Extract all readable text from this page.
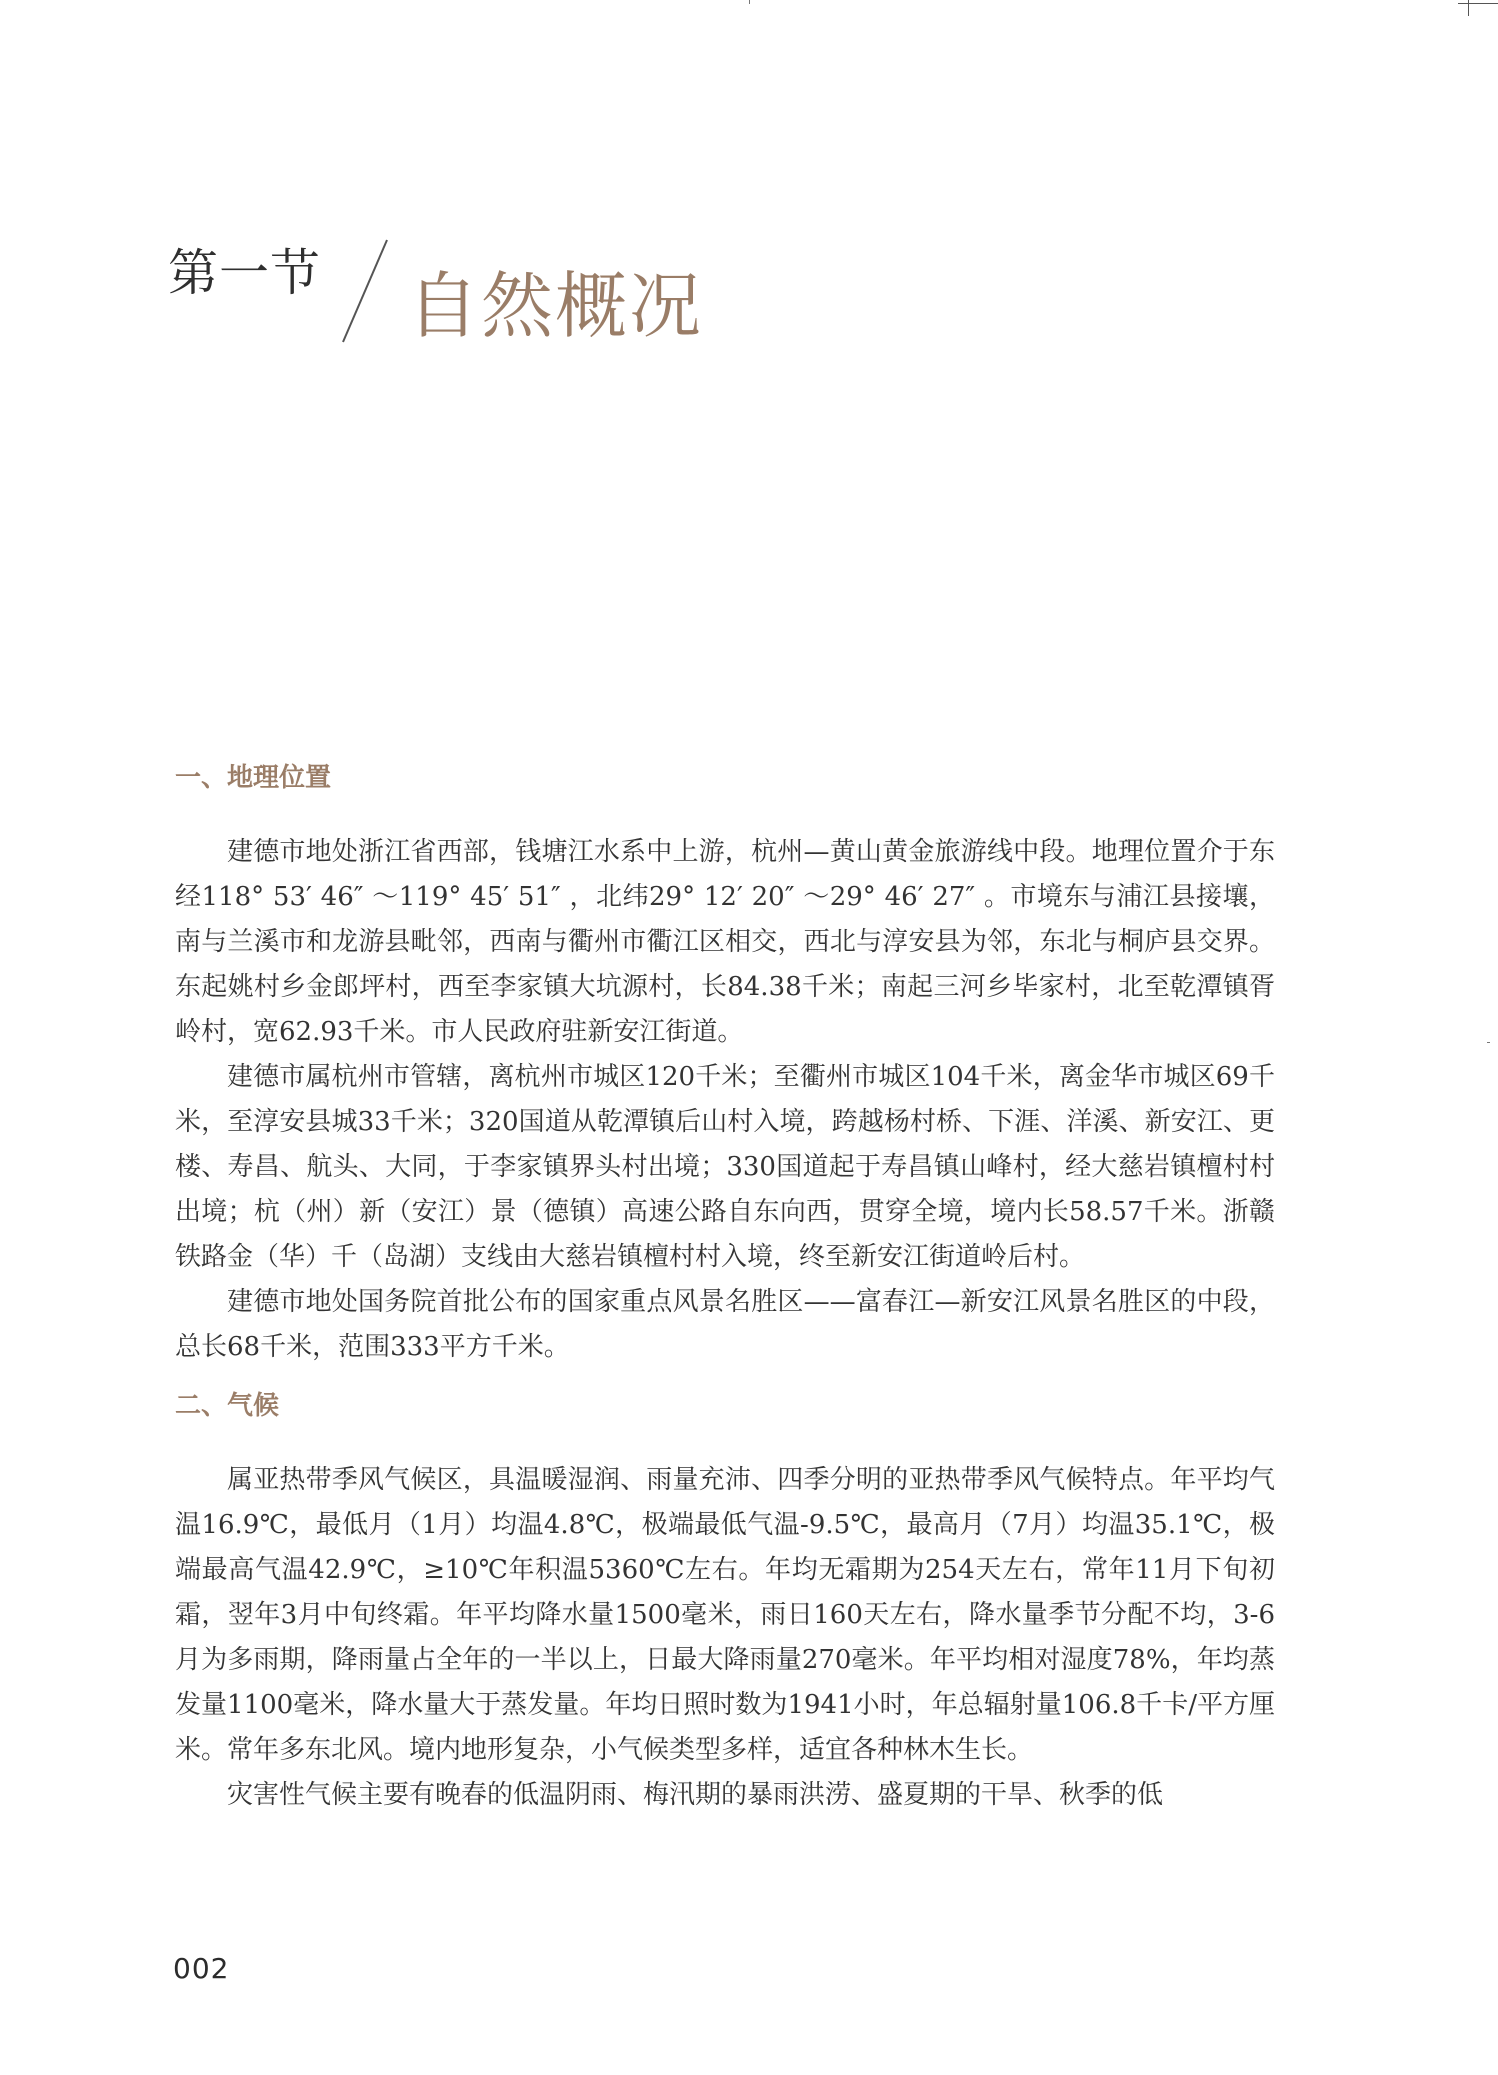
第一节 自然概况
一、地理位置

建德市地处浙江省西部，钱塘江水系中上游，杭州—黄山黄金旅游线中段。地理位置介于东经118° 53′ 46″ ～119° 45′ 51″ ，北纬29° 12′ 20″ ～29° 46′ 27″ 。市境东与浦江县接壤，南与兰溪市和龙游县毗邻，西南与衢州市衢江区相交，西北与淳安县为邻，东北与桐庐县交界。东起姚村乡金郎坪村，西至李家镇大坑源村，长84.38千米；南起三河乡毕家村，北至乾潭镇胥岭村，宽62.93千米。市人民政府驻新安江街道。

建德市属杭州市管辖，离杭州市城区120千米；至衢州市城区104千米，离金华市城区69千米，至淳安县城33千米；320国道从乾潭镇后山村入境，跨越杨村桥、下涯、洋溪、新安江、更楼、寿昌、航头、大同，于李家镇界头村出境；330国道起于寿昌镇山峰村，经大慈岩镇檀村村出境；杭（州）新（安江）景（德镇）高速公路自东向西，贯穿全境，境内长58.57千米。浙赣铁路金（华）千（岛湖）支线由大慈岩镇檀村村入境，终至新安江街道岭后村。

建德市地处国务院首批公布的国家重点风景名胜区——富春江—新安江风景名胜区的中段，总长68千米，范围333平方千米。

二、气候

属亚热带季风气候区，具温暖湿润、雨量充沛、四季分明的亚热带季风气候特点。年平均气温16.9℃，最低月（1月）均温4.8℃，极端最低气温-9.5℃，最高月（7月）均温35.1℃，极端最高气温42.9℃，≥10℃年积温5360℃左右。年均无霜期为254天左右，常年11月下旬初霜，翌年3月中旬终霜。年平均降水量1500毫米，雨日160天左右，降水量季节分配不均，3-6月为多雨期，降雨量占全年的一半以上，日最大降雨量270毫米。年平均相对湿度78%，年均蒸发量1100毫米，降水量大于蒸发量。年均日照时数为1941小时，年总辐射量106.8千卡/平方厘米。常年多东北风。境内地形复杂，小气候类型多样，适宜各种林木生长。

灾害性气候主要有晚春的低温阴雨、梅汛期的暴雨洪涝、盛夏期的干旱、秋季的低

002
